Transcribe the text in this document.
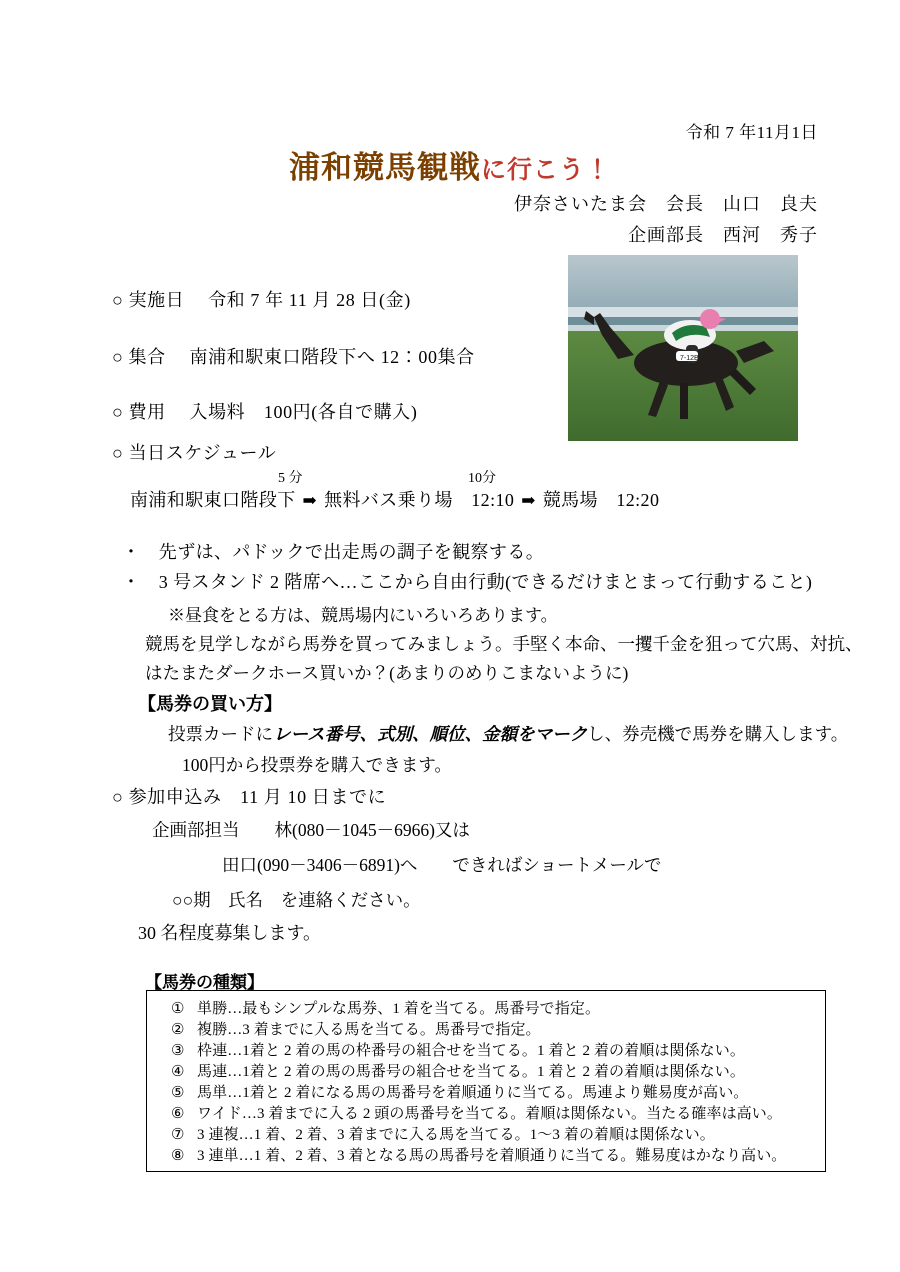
令和 7 年11月1日
浦和競馬観戦に行こう！
伊奈さいたま会　会長　山口　良夫
企画部長　西河　秀子
7-12B
○ 実施日　 令和 7 年 11 月 28 日(金)
○ 集合　 南浦和駅東口階段下へ 12：00集合
○ 費用　 入場料　100円(各自で購入)
○ 当日スケジュール
5 分	10分
南浦和駅東口階段下 ➡ 無料バス乗り場　12:10 ➡ 競馬場　12:20
・　先ずは、パドックで出走馬の調子を観察する。
・　3 号スタンド 2 階席へ…ここから自由行動(できるだけまとまって行動すること)
※昼食をとる方は、競馬場内にいろいろあります。
競馬を見学しながら馬券を買ってみましょう。手堅く本命、一攫千金を狙って穴馬、対抗、
はたまたダークホース買いか？(あまりのめりこまないように)
【馬券の買い方】
投票カードにレース番号、式別、順位、金額をマークし、券売機で馬券を購入します。
100円から投票券を購入できます。
○ 参加申込み　11 月 10 日までに
企画部担当　　林(080－1045－6966)又は
田口(090－3406－6891)へ　　できればショートメールで
○○期　氏名　を連絡ください。
30 名程度募集します。
【馬券の種類】
① 単勝…最もシンプルな馬券、1 着を当てる。馬番号で指定。
② 複勝…3 着までに入る馬を当てる。馬番号で指定。
③ 枠連…1着と 2 着の馬の枠番号の組合せを当てる。1 着と 2 着の着順は関係ない。
④ 馬連…1着と 2 着の馬の馬番号の組合せを当てる。1 着と 2 着の着順は関係ない。
⑤ 馬単…1着と 2 着になる馬の馬番号を着順通りに当てる。馬連より難易度が高い。
⑥ ワイド…3 着までに入る 2 頭の馬番号を当てる。着順は関係ない。当たる確率は高い。
⑦ 3 連複…1 着、2 着、3 着までに入る馬を当てる。1～3 着の着順は関係ない。
⑧ 3 連単…1 着、2 着、3 着となる馬の馬番号を着順通りに当てる。難易度はかなり高い。
